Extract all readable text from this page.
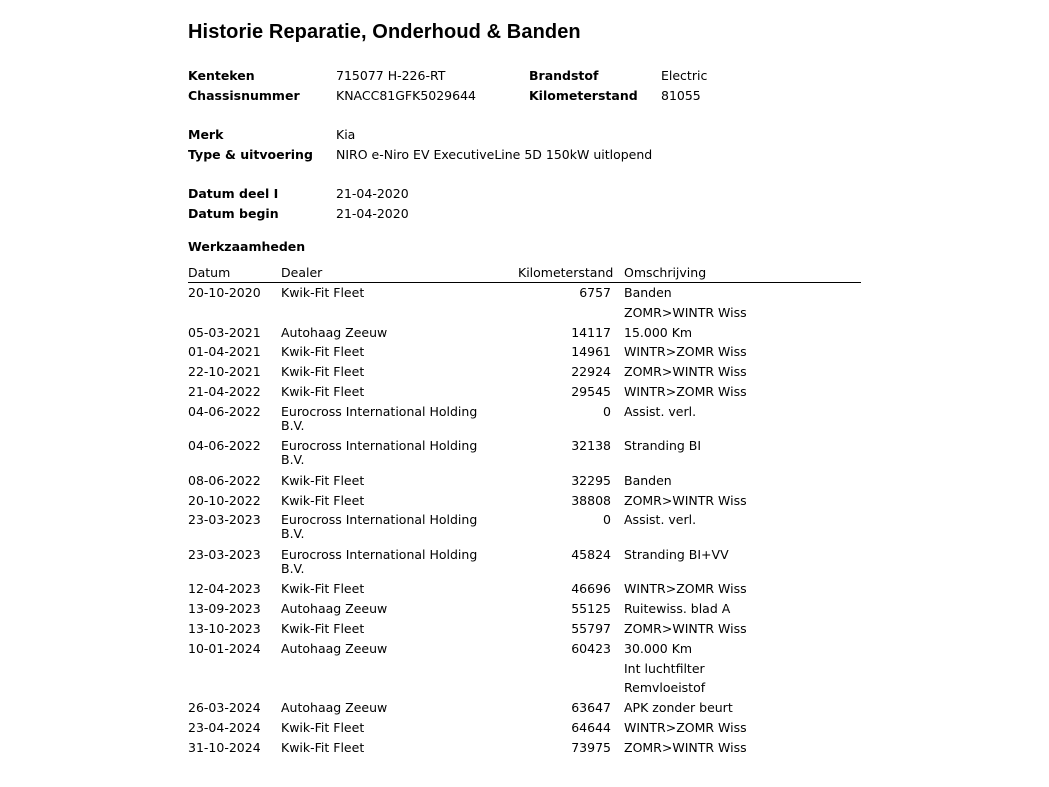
Historie Reparatie, Onderhoud & Banden
Kenteken	715077 H-226-RT	Brandstof	Electric
Chassisnummer	KNACC81GFK5029644	Kilometerstand 81055
Merk	Kia
Type & uitvoering NIRO e-Niro EV ExecutiveLine 5D 150kW uitlopend
Datum deel I	21-04-2020
Datum begin	21-04-2020
Werkzaamheden
Datum	Dealer	Kilometerstand Omschrijving
20-10-2020 Kwik-Fit Fleet	6757 Banden
ZOMR>WINTR Wiss
05-03-2021 Autohaag Zeeuw	14117 15.000 Km
01-04-2021 Kwik-Fit Fleet	14961 WINTR>ZOMR Wiss
22-10-2021 Kwik-Fit Fleet	22924 ZOMR>WINTR Wiss
21-04-2022 Kwik-Fit Fleet	29545 WINTR>ZOMR Wiss
04-06-2022 Eurocross International Holding B.V.
0 Assist. verl.
04-06-2022 Eurocross International Holding B.V.
32138 Stranding BI
08-06-2022 Kwik-Fit Fleet	32295 Banden
20-10-2022 Kwik-Fit Fleet	38808 ZOMR>WINTR Wiss
23-03-2023 Eurocross International Holding B.V.
0 Assist. verl.
23-03-2023 Eurocross International Holding B.V.
45824 Stranding BI+VV
12-04-2023 Kwik-Fit Fleet	46696 WINTR>ZOMR Wiss
13-09-2023 Autohaag Zeeuw	55125 Ruitewiss. blad A
13-10-2023 Kwik-Fit Fleet	55797 ZOMR>WINTR Wiss
10-01-2024 Autohaag Zeeuw	60423 30.000 Km
Int luchtfilter
Remvloeistof
26-03-2024 Autohaag Zeeuw	63647 APK zonder beurt
23-04-2024 Kwik-Fit Fleet	64644 WINTR>ZOMR Wiss
31-10-2024 Kwik-Fit Fleet	73975 ZOMR>WINTR Wiss
